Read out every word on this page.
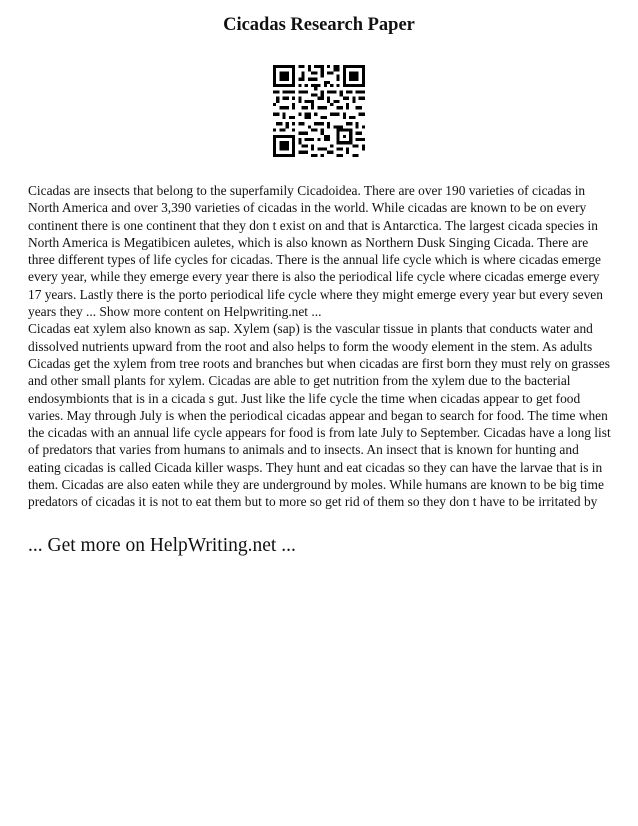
Cicadas Research Paper

Cicadas are insects that belong to the superfamily Cicadoidea. There are over 190 varieties of cicadas in North America and over 3,390 varieties of cicadas in the world. While cicadas are known to be on every continent there is one continent that they don t exist on and that is Antarctica. The largest cicada species in North America is Megatibicen auletes, which is also known as Northern Dusk Singing Cicada. There are three different types of life cycles for cicadas. There is the annual life cycle which is where cicadas emerge every year, while they emerge every year there is also the periodical life cycle where cicadas emerge every 17 years. Lastly there is the porto periodical life cycle where they might emerge every year but every seven years they ... Show more content on Helpwriting.net ...

Cicadas eat xylem also known as sap. Xylem (sap) is the vascular tissue in plants that conducts water and dissolved nutrients upward from the root and also helps to form the woody element in the stem. As adults Cicadas get the xylem from tree roots and branches but when cicadas are first born they must rely on grasses and other small plants for xylem. Cicadas are able to get nutrition from the xylem due to the bacterial endosymbionts that is in a cicada s gut. Just like the life cycle the time when cicadas appear to get food varies. May through July is when the periodical cicadas appear and began to search for food. The time when the cicadas with an annual life cycle appears for food is from late July to September. Cicadas have a long list of predators that varies from humans to animals and to insects. An insect that is known for hunting and eating cicadas is called Cicada killer wasps. They hunt and eat cicadas so they can have the larvae that is in them. Cicadas are also eaten while they are underground by moles. While humans are known to be big time predators of cicadas it is not to eat them but to more so get rid of them so they don t have to be irritated by

... Get more on HelpWriting.net ...
